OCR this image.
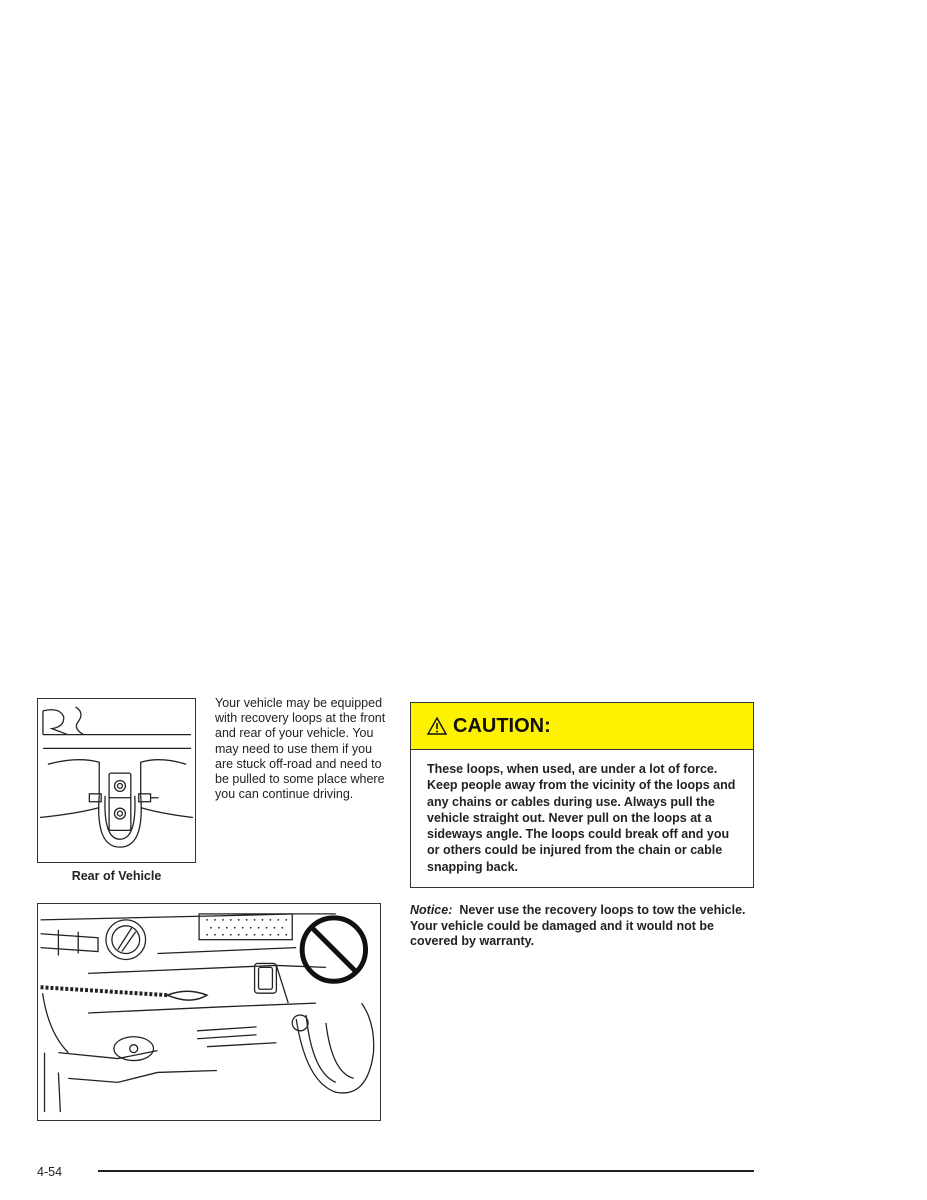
Rear of Vehicle
Your vehicle may be equipped with recovery loops at the front and rear of your vehicle. You may need to use them if you are stuck off-road and need to be pulled to some place where you can continue driving.
CAUTION:
These loops, when used, are under a lot of force. Keep people away from the vicinity of the loops and any chains or cables during use. Always pull the vehicle straight out. Never pull on the loops at a sideways angle. The loops could break off and you or others could be injured from the chain or cable snapping back.
Notice: Never use the recovery loops to tow the vehicle. Your vehicle could be damaged and it would not be covered by warranty.
4-54
